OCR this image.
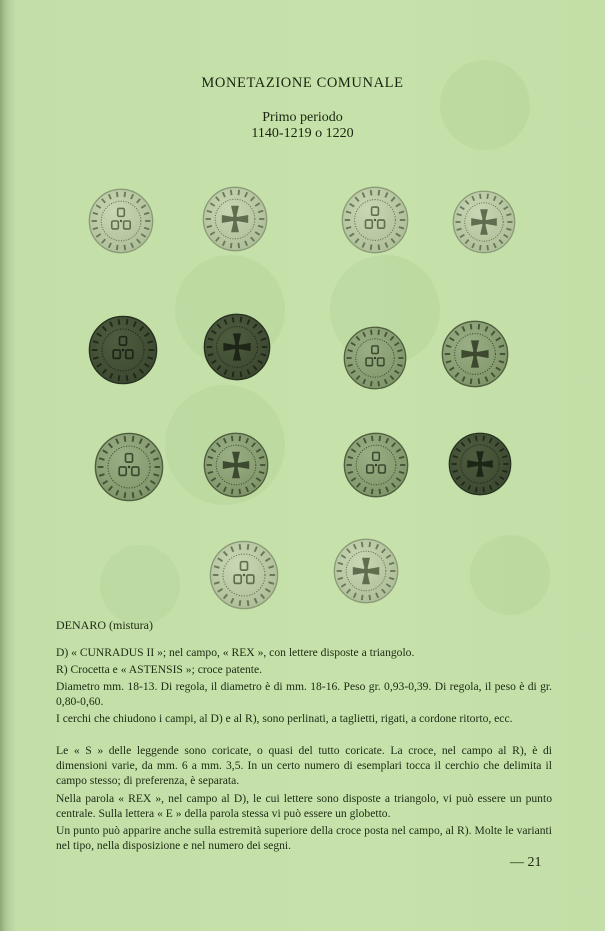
MONETAZIONE COMUNALE
Primo periodo
1140-1219 o 1220
DENARO (mistura)

D) « CUNRADUS II »; nel campo, « REX », con lettere disposte a triangolo.

R) Crocetta e « ASTENSIS »; croce patente.

Diametro mm. 18-13. Di regola, il diametro è di mm. 18-16. Peso gr. 0,93-0,39. Di regola, il peso è di gr. 0,80-0,60.

I cerchi che chiudono i campi, al D) e al R), sono perlinati, a taglietti, rigati, a cordone ritorto, ecc.

Le « S » delle leggende sono coricate, o quasi del tutto coricate. La croce, nel campo al R), è di dimensioni varie, da mm. 6 a mm. 3,5. In un certo numero di esemplari tocca il cerchio che delimita il campo stesso; di preferenza, è separata.

Nella parola « REX », nel campo al D), le cui lettere sono disposte a triangolo, vi può essere un punto centrale. Sulla lettera « E » della parola stessa vi può essere un globetto.

Un punto può apparire anche sulla estremità superiore della croce posta nel campo, al R). Molte le varianti nel tipo, nella disposizione e nel numero dei segni.

— 21
